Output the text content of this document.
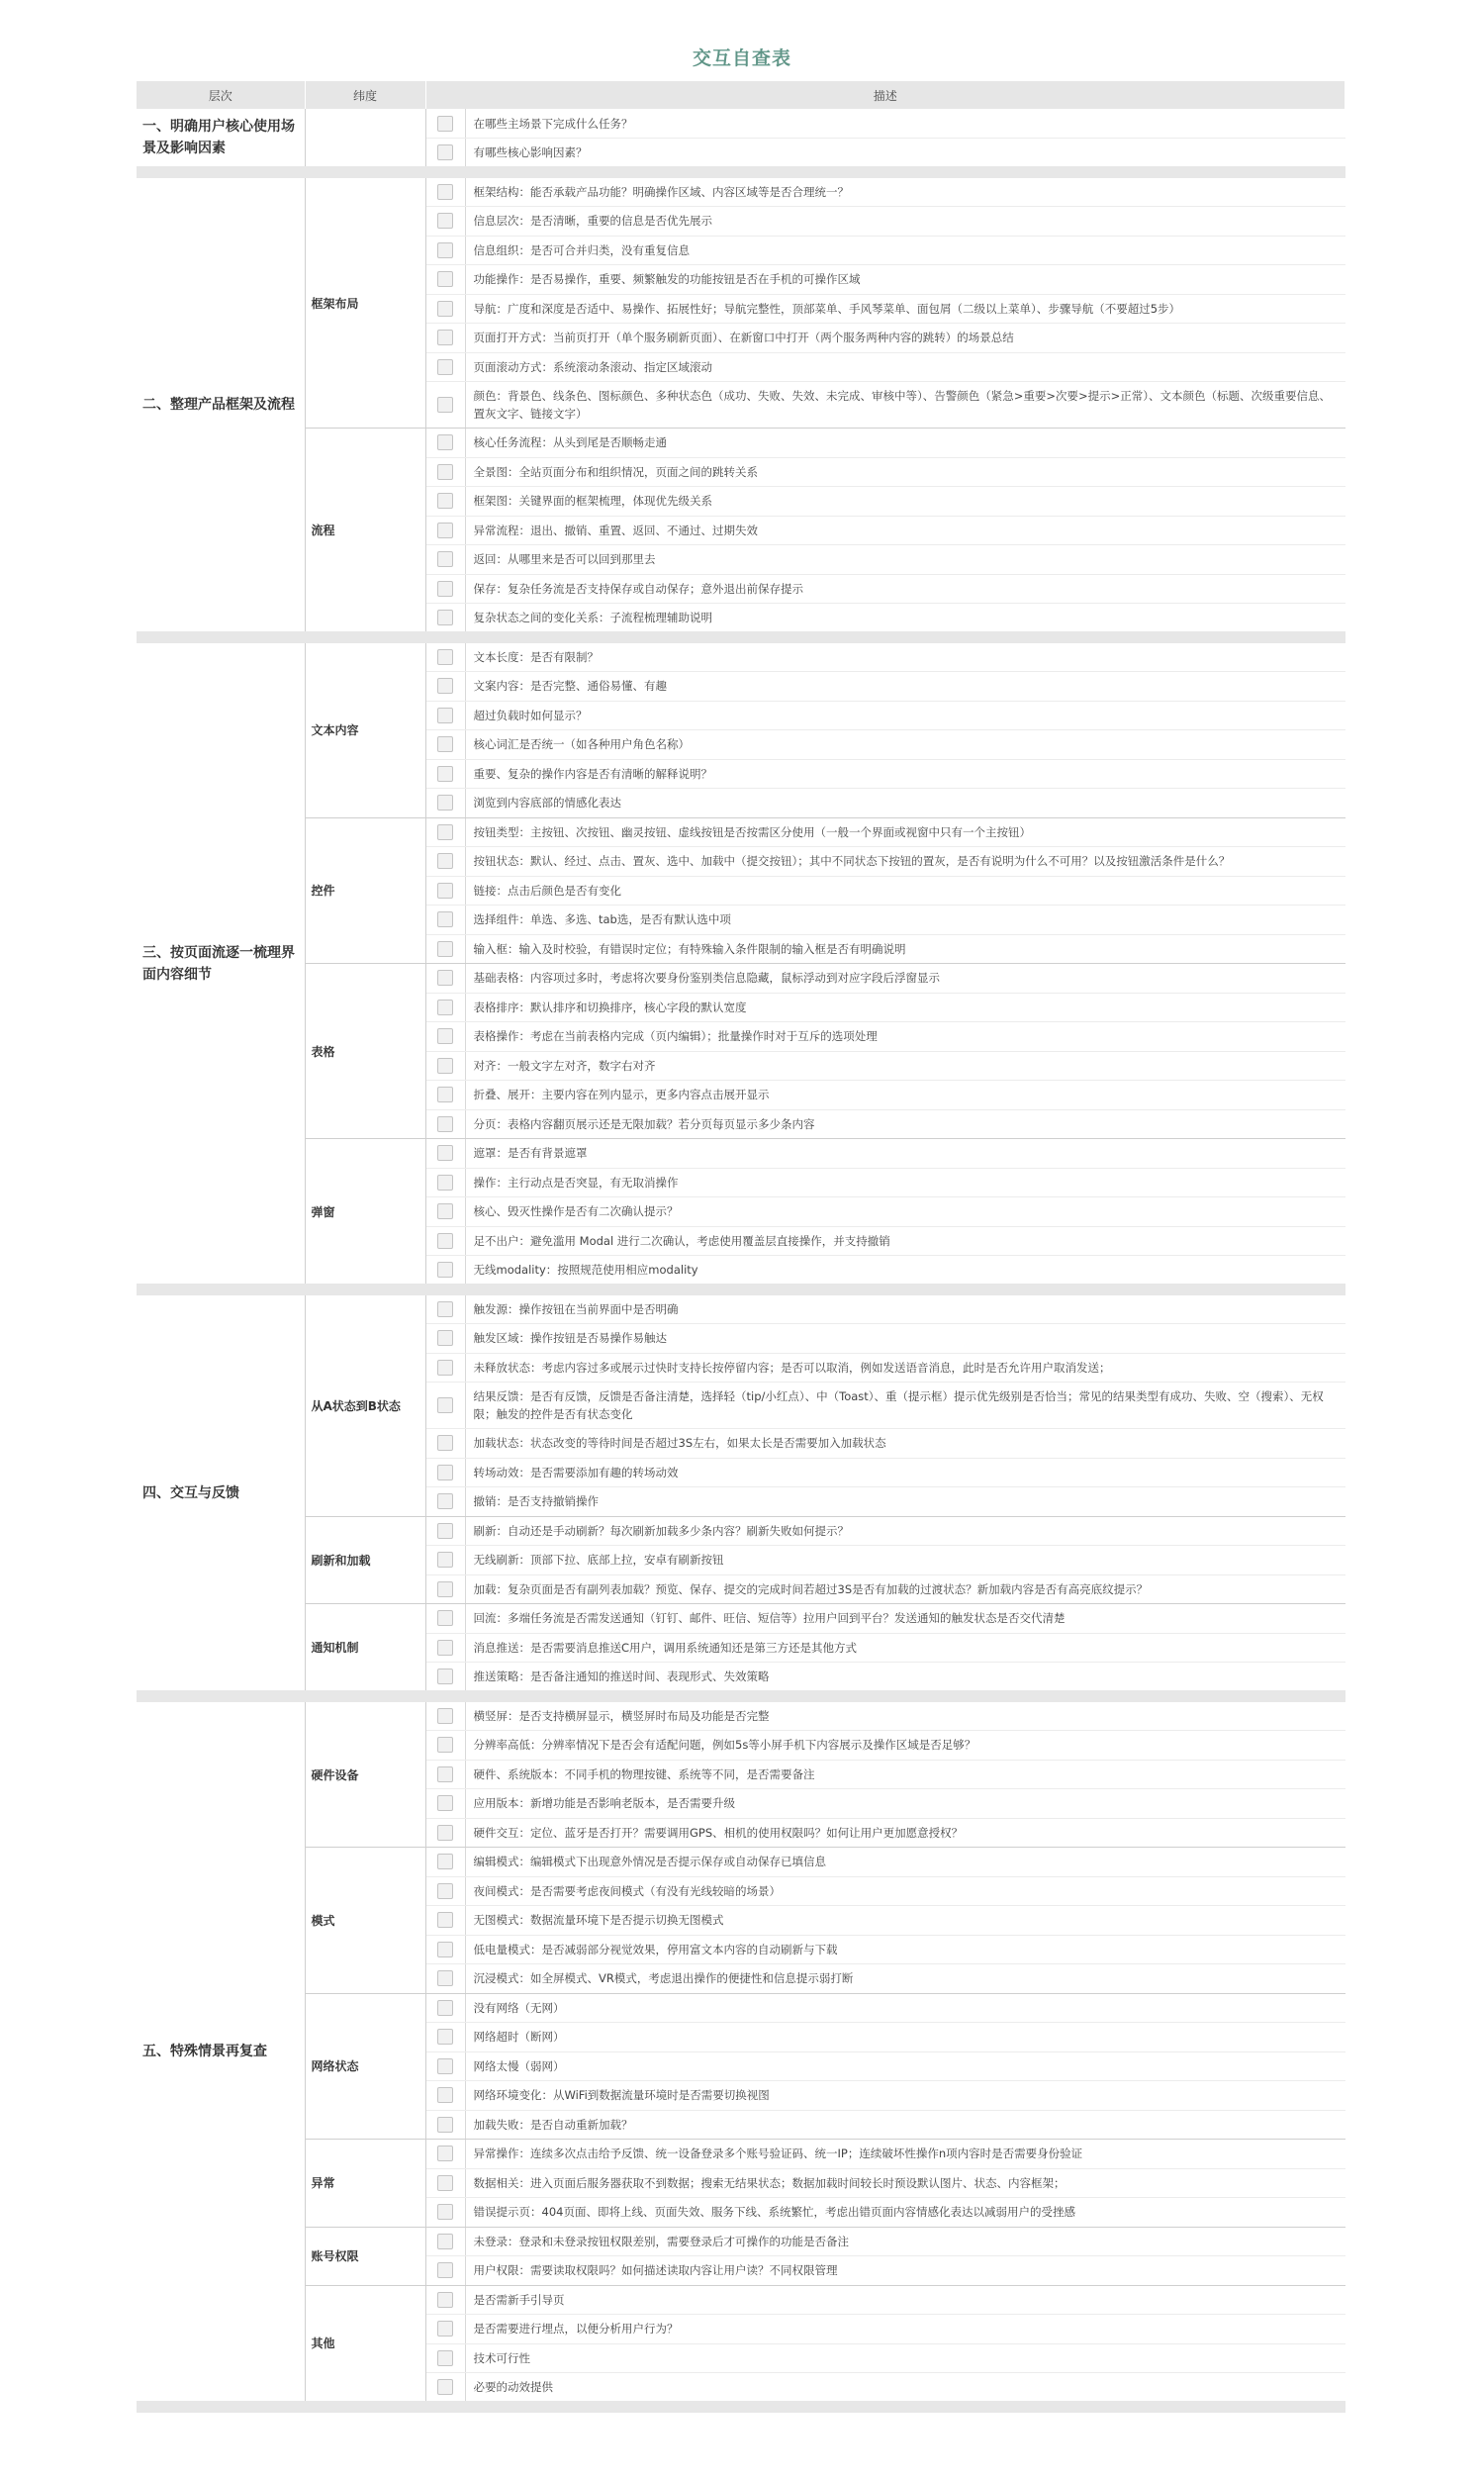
交互自查表
层次	纬度	描述	
一、明确用户核心使用场景及影响因素			在哪些主场景下完成什么任务？
			有哪些核心影响因素？
二、整理产品框架及流程	框架布局		框架结构：能否承载产品功能？明确操作区域、内容区域等是否合理统一？
			信息层次：是否清晰，重要的信息是否优先展示
			信息组织：是否可合并归类，没有重复信息
			功能操作：是否易操作，重要、频繁触发的功能按钮是否在手机的可操作区域
			导航：广度和深度是否适中、易操作、拓展性好；导航完整性，顶部菜单、手风琴菜单、面包屑（二级以上菜单）、步骤导航（不要超过5步）
			页面打开方式：当前页打开（单个服务刷新页面）、在新窗口中打开（两个服务两种内容的跳转）的场景总结
			页面滚动方式：系统滚动条滚动、指定区域滚动
			颜色：背景色、线条色、图标颜色、多种状态色（成功、失败、失效、未完成、审核中等）、告警颜色（紧急>重要>次要>提示>正常）、文本颜色（标题、次级重要信息、置灰文字、链接文字）
	流程		核心任务流程：从头到尾是否顺畅走通
			全景图：全站页面分布和组织情况，页面之间的跳转关系
			框架图：关键界面的框架梳理，体现优先级关系
			异常流程：退出、撤销、重置、返回、不通过、过期失效
			返回：从哪里来是否可以回到那里去
			保存：复杂任务流是否支持保存或自动保存；意外退出前保存提示
			复杂状态之间的变化关系：子流程梳理辅助说明
三、按页面流逐一梳理界面内容细节	文本内容		文本长度：是否有限制？
			文案内容：是否完整、通俗易懂、有趣
			超过负载时如何显示？
			核心词汇是否统一（如各种用户角色名称）
			重要、复杂的操作内容是否有清晰的解释说明？
			浏览到内容底部的情感化表达
	控件		按钮类型：主按钮、次按钮、幽灵按钮、虚线按钮是否按需区分使用（一般一个界面或视窗中只有一个主按钮）
			按钮状态：默认、经过、点击、置灰、选中、加载中（提交按钮）；其中不同状态下按钮的置灰，是否有说明为什么不可用？以及按钮激活条件是什么？
			链接：点击后颜色是否有变化
			选择组件：单选、多选、tab选，是否有默认选中项
			输入框：输入及时校验，有错误时定位；有特殊输入条件限制的输入框是否有明确说明
	表格		基础表格：内容项过多时，考虑将次要身份鉴别类信息隐藏，鼠标浮动到对应字段后浮窗显示
			表格排序：默认排序和切换排序，核心字段的默认宽度
			表格操作：考虑在当前表格内完成（页内编辑）；批量操作时对于互斥的选项处理
			对齐：一般文字左对齐，数字右对齐
			折叠、展开：主要内容在列内显示，更多内容点击展开显示
			分页：表格内容翻页展示还是无限加载？若分页每页显示多少条内容
	弹窗		遮罩：是否有背景遮罩
			操作：主行动点是否突显，有无取消操作
			核心、毁灭性操作是否有二次确认提示？
			足不出户：避免滥用 Modal 进行二次确认，考虑使用覆盖层直接操作，并支持撤销
			无线modality：按照规范使用相应modality
四、交互与反馈	从A状态到B状态		触发源：操作按钮在当前界面中是否明确
			触发区域：操作按钮是否易操作易触达
			未释放状态：考虑内容过多或展示过快时支持长按停留内容；是否可以取消，例如发送语音消息，此时是否允许用户取消发送；
			结果反馈：是否有反馈，反馈是否备注清楚，选择轻（tip/小红点）、中（Toast）、重（提示框）提示优先级别是否恰当；常见的结果类型有成功、失败、空（搜索）、无权限；触发的控件是否有状态变化
			加载状态：状态改变的等待时间是否超过3S左右，如果太长是否需要加入加载状态
			转场动效：是否需要添加有趣的转场动效
			撤销：是否支持撤销操作
	刷新和加载		刷新：自动还是手动刷新？每次刷新加载多少条内容？刷新失败如何提示？
			无线刷新：顶部下拉、底部上拉，安卓有刷新按钮
			加载：复杂页面是否有副列表加载？预览、保存、提交的完成时间若超过3S是否有加载的过渡状态？新加载内容是否有高亮底纹提示？
	通知机制		回流：多端任务流是否需发送通知（钉钉、邮件、旺信、短信等）拉用户回到平台？发送通知的触发状态是否交代清楚
			消息推送：是否需要消息推送C用户，调用系统通知还是第三方还是其他方式
			推送策略：是否备注通知的推送时间、表现形式、失效策略
五、特殊情景再复查	硬件设备		横竖屏：是否支持横屏显示，横竖屏时布局及功能是否完整
			分辨率高低：分辨率情况下是否会有适配问题，例如5s等小屏手机下内容展示及操作区域是否足够？
			硬件、系统版本：不同手机的物理按键、系统等不同，是否需要备注
			应用版本：新增功能是否影响老版本，是否需要升级
			硬件交互：定位、蓝牙是否打开？需要调用GPS、相机的使用权限吗？如何让用户更加愿意授权？
	模式		编辑模式：编辑模式下出现意外情况是否提示保存或自动保存已填信息
			夜间模式：是否需要考虑夜间模式（有没有光线较暗的场景）
			无图模式：数据流量环境下是否提示切换无图模式
			低电量模式：是否减弱部分视觉效果，停用富文本内容的自动刷新与下载
			沉浸模式：如全屏模式、VR模式，考虑退出操作的便捷性和信息提示弱打断
	网络状态		没有网络（无网）
			网络超时（断网）
			网络太慢（弱网）
			网络环境变化：从WiFi到数据流量环境时是否需要切换视图
			加载失败：是否自动重新加载？
	异常		异常操作：连续多次点击给予反馈、统一设备登录多个账号验证码、统一IP；连续破坏性操作n项内容时是否需要身份验证
			数据相关：进入页面后服务器获取不到数据；搜索无结果状态；数据加载时间较长时预设默认图片、状态、内容框架；
			错误提示页：404页面、即将上线、页面失效、服务下线、系统繁忙，考虑出错页面内容情感化表达以减弱用户的受挫感
	账号权限		未登录：登录和未登录按钮权限差别，需要登录后才可操作的功能是否备注
			用户权限：需要读取权限吗？如何描述读取内容让用户读？不同权限管理
	其他		是否需新手引导页
			是否需要进行埋点，以便分析用户行为？
			技术可行性
			必要的动效提供
